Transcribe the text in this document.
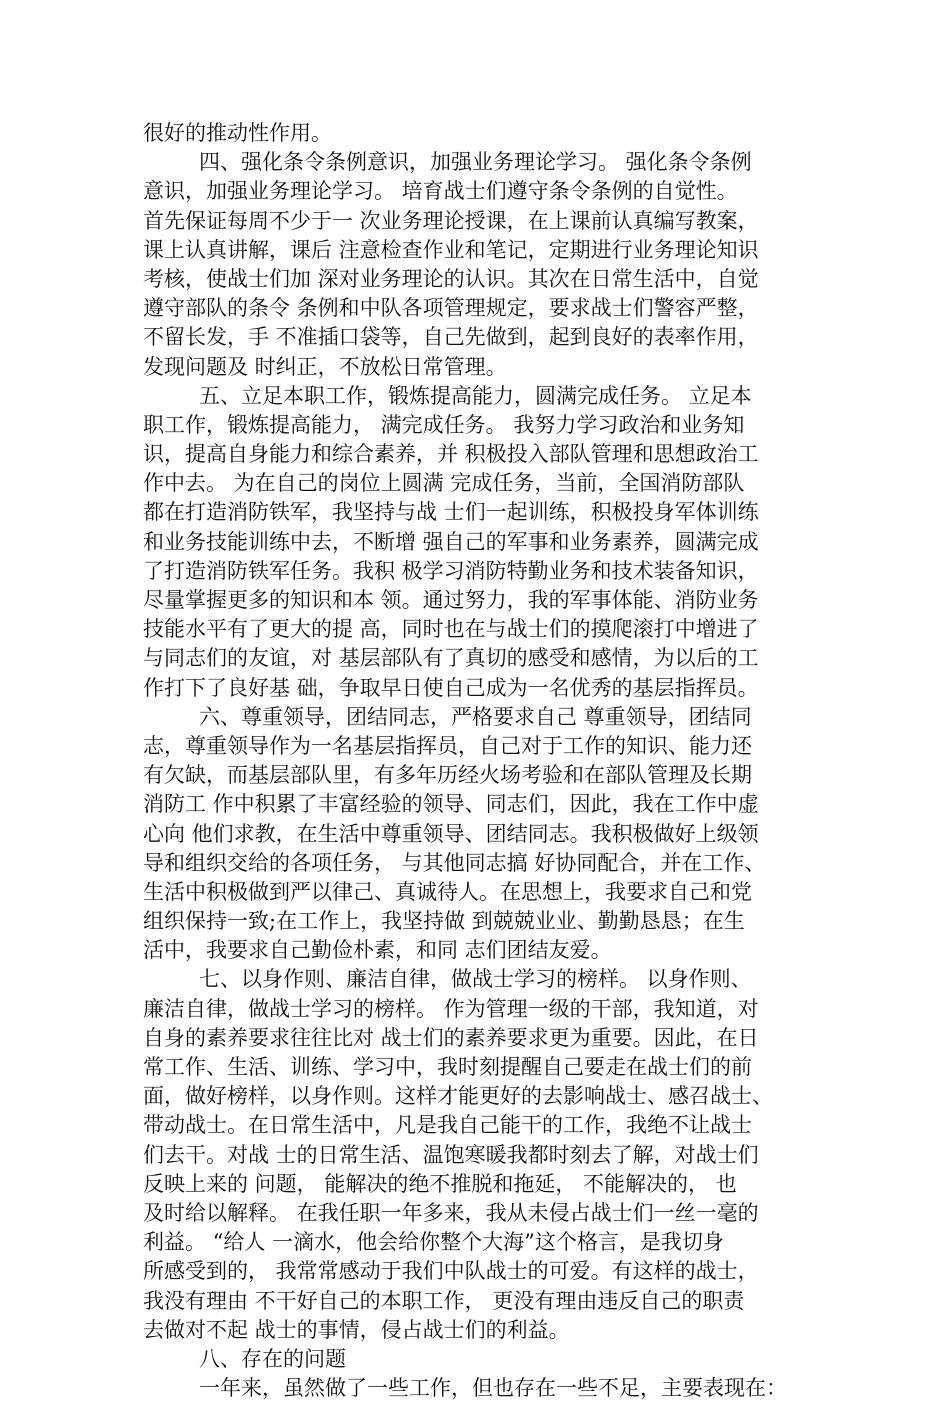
很好的推动性作用。
四、强化条令条例意识，加强业务理论学习。 强化条令条例
意识，加强业务理论学习。 培育战士们遵守条令条例的自觉性。
首先保证每周不少于一 次业务理论授课，在上课前认真编写教案，
课上认真讲解，课后 注意检查作业和笔记，定期进行业务理论知识
考核，使战士们加 深对业务理论的认识。其次在日常生活中，自觉
遵守部队的条令 条例和中队各项管理规定，要求战士们警容严整，
不留长发，手 不准插口袋等，自己先做到，起到良好的表率作用，
发现问题及 时纠正，不放松日常管理。
五、立足本职工作，锻炼提高能力，圆满完成任务。 立足本
职工作，锻炼提高能力， 满完成任务。 我努力学习政治和业务知
识，提高自身能力和综合素养，并 积极投入部队管理和思想政治工
作中去。 为在自己的岗位上圆满 完成任务，当前，全国消防部队
都在打造消防铁军，我坚持与战 士们一起训练，积极投身军体训练
和业务技能训练中去，不断增 强自己的军事和业务素养，圆满完成
了打造消防铁军任务。我积 极学习消防特勤业务和技术装备知识，
尽量掌握更多的知识和本 领。通过努力，我的军事体能、消防业务
技能水平有了更大的提 高，同时也在与战士们的摸爬滚打中增进了
与同志们的友谊，对 基层部队有了真切的感受和感情，为以后的工
作打下了良好基 础，争取早日使自己成为一名优秀的基层指挥员。
六、尊重领导，团结同志，严格要求自己 尊重领导，团结同
志，尊重领导作为一名基层指挥员，自己对于工作的知识、能力还
有欠缺，而基层部队里，有多年历经火场考验和在部队管理及长期
消防工 作中积累了丰富经验的领导、同志们，因此，我在工作中虚
心向 他们求教，在生活中尊重领导、团结同志。我积极做好上级领
导和组织交给的各项任务， 与其他同志搞 好协同配合，并在工作、
生活中积极做到严以律己、真诚待人。在思想上，我要求自己和党
组织保持一致;在工作上，我坚持做 到兢兢业业、勤勤恳恳；在生
活中，我要求自己勤俭朴素，和同 志们团结友爱。
七、以身作则、廉洁自律，做战士学习的榜样。 以身作则、
廉洁自律，做战士学习的榜样。 作为管理一级的干部，我知道，对
自身的素养要求往往比对 战士们的素养要求更为重要。因此，在日
常工作、生活、训练、学习中，我时刻提醒自己要走在战士们的前
面，做好榜样，以身作则。这样才能更好的去影响战士、感召战士、
带动战士。在日常生活中，凡是我自己能干的工作，我绝不让战士
们去干。对战 士的日常生活、温饱寒暖我都时刻去了解，对战士们
反映上来的 问题， 能解决的绝不推脱和拖延， 不能解决的， 也
及时给以解释。 在我任职一年多来，我从未侵占战士们一丝一毫的
利益。 “给人 一滴水，他会给你整个大海”这个格言，是我切身
所感受到的， 我常常感动于我们中队战士的可爱。有这样的战士，
我没有理由 不干好自己的本职工作， 更没有理由违反自己的职责
去做对不起 战士的事情，侵占战士们的利益。
八、存在的问题
一年来，虽然做了一些工作，但也存在一些不足，主要表现在：
